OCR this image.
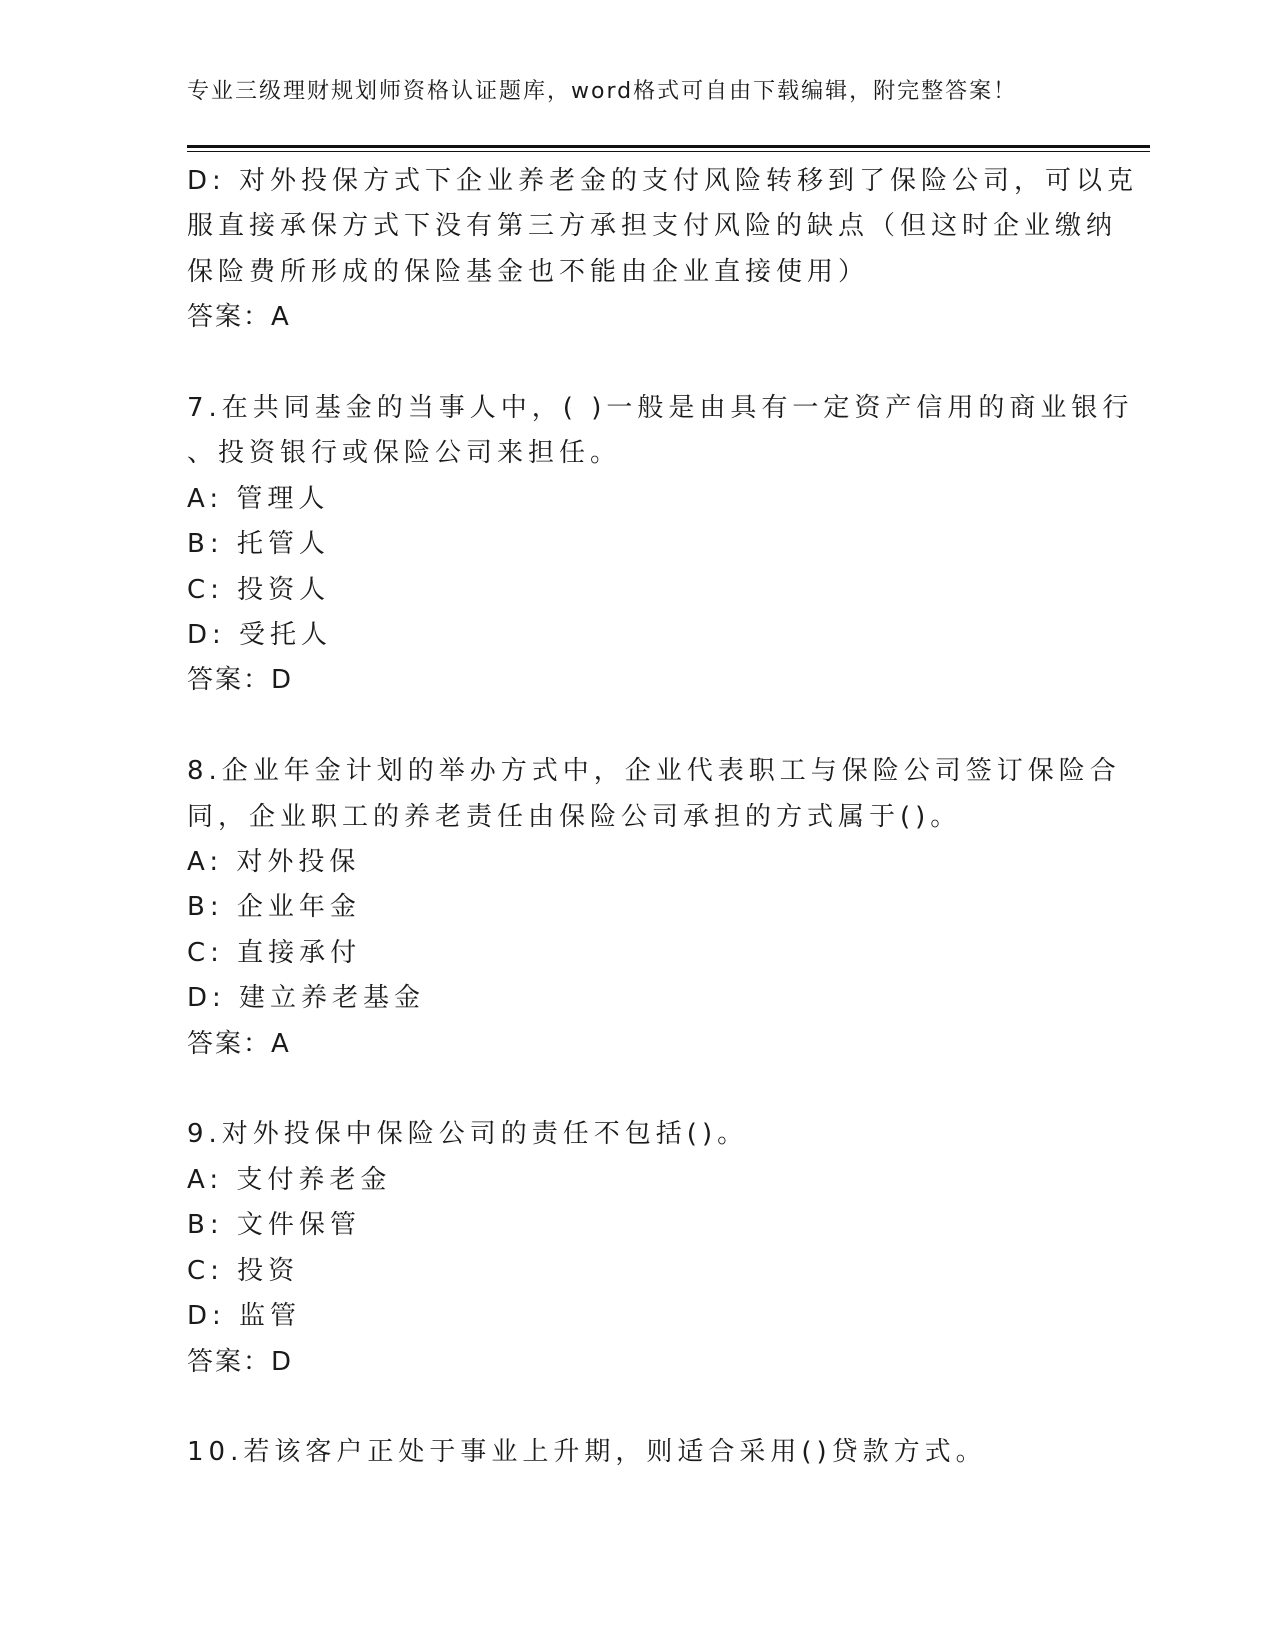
专业三级理财规划师资格认证题库，word格式可自由下载编辑，附完整答案！

D: 对外投保方式下企业养老金的支付风险转移到了保险公司，可以克

服直接承保方式下没有第三方承担支付风险的缺点（但这时企业缴纳

保险费所形成的保险基金也不能由企业直接使用）

答案：A

7.在共同基金的当事人中，( )一般是由具有一定资产信用的商业银行

、投资银行或保险公司来担任。

A: 管理人

B: 托管人

C: 投资人

D: 受托人

答案：D

8.企业年金计划的举办方式中，企业代表职工与保险公司签订保险合

同，企业职工的养老责任由保险公司承担的方式属于()。

A: 对外投保

B: 企业年金

C: 直接承付

D: 建立养老基金

答案：A

9.对外投保中保险公司的责任不包括()。

A: 支付养老金

B: 文件保管

C: 投资

D: 监管

答案：D

10.若该客户正处于事业上升期，则适合采用()贷款方式。
